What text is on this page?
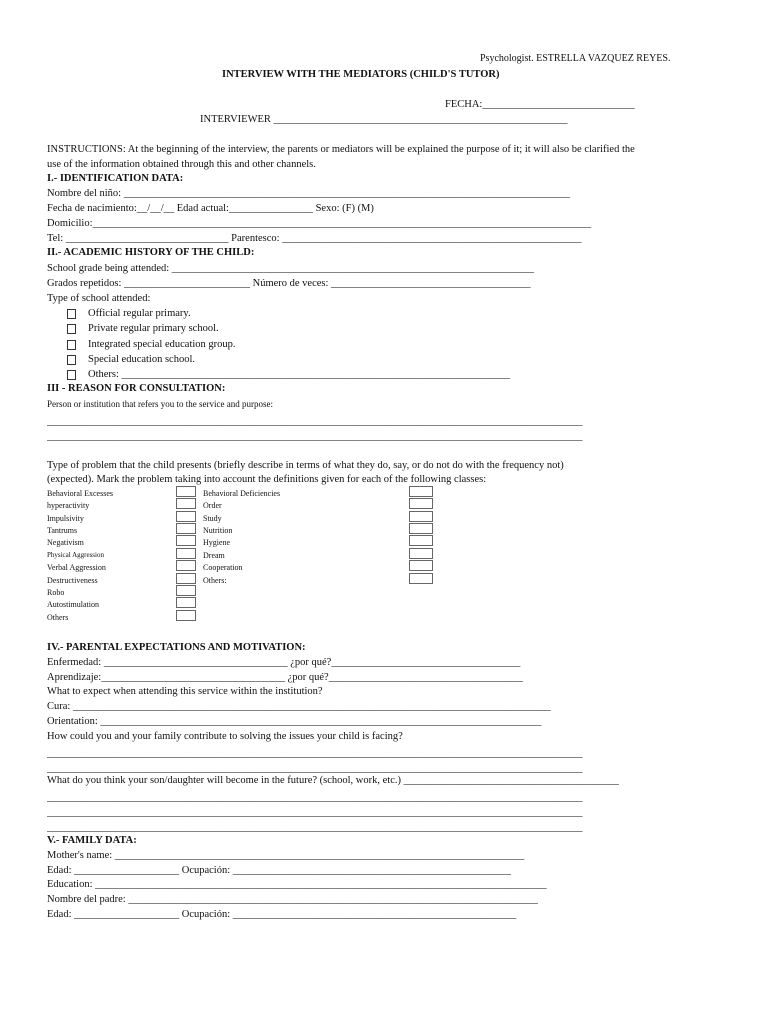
Psychologist. ESTRELLA VAZQUEZ REYES.
INTERVIEW WITH THE MEDIATORS (CHILD'S TUTOR)
FECHA:_____________________________
INTERVIEWER ________________________________________________________
INSTRUCTIONS: At the beginning of the interview, the parents or mediators will be explained the purpose of it; it will also be clarified the
use of the information obtained through this and other channels.
I.- IDENTIFICATION DATA:
Nombre del niño: _____________________________________________________________________________________
Fecha de nacimiento:__/__/__ Edad actual:________________ Sexo: (F) (M)
Domicilio:_______________________________________________________________________________________________
Tel: _______________________________ Parentesco: _________________________________________________________
II.- ACADEMIC HISTORY OF THE CHILD:
School grade being attended: _____________________________________________________________________
Grados repetidos: ________________________ Número de veces: ______________________________________
Type of school attended:
Official regular primary.
Private regular primary school.
Integrated special education group.
Special education school.
Others: __________________________________________________________________________
III - REASON FOR CONSULTATION:
Person or institution that refers you to the service and purpose:
______________________________________________________________________________________________________
______________________________________________________________________________________________________
Type of problem that the child presents (briefly describe in terms of what they do, say, or do not do with the frequency not)
(expected). Mark the problem taking into account the definitions given for each of the following classes:
Behavioral Excesses
hyperactivity
Impulsivity
Tantrums
Negativism
Physical Aggression
Verbal Aggression
Destructiveness
Robo
Autostimulation
Others
Behavioral Deficiencies
Order
Study
Nutrition
Hygiene
Dream
Cooperation
Others:
IV.- PARENTAL EXPECTATIONS AND MOTIVATION:
Enfermedad: ___________________________________ ¿por qué?____________________________________
Aprendizaje:___________________________________ ¿por qué?_____________________________________
What to expect when attending this service within the institution?
Cura: ___________________________________________________________________________________________
Orientation: ____________________________________________________________________________________
How could you and your family contribute to solving the issues your child is facing?
______________________________________________________________________________________________________
______________________________________________________________________________________________________
What do you think your son/daughter will become in the future? (school, work, etc.) _________________________________________
______________________________________________________________________________________________________
______________________________________________________________________________________________________
______________________________________________________________________________________________________
V.- FAMILY DATA:
Mother's name: ______________________________________________________________________________
Edad: ____________________ Ocupación: _____________________________________________________
Education: ______________________________________________________________________________________
Nombre del padre: ______________________________________________________________________________
Edad: ____________________ Ocupación: ______________________________________________________
